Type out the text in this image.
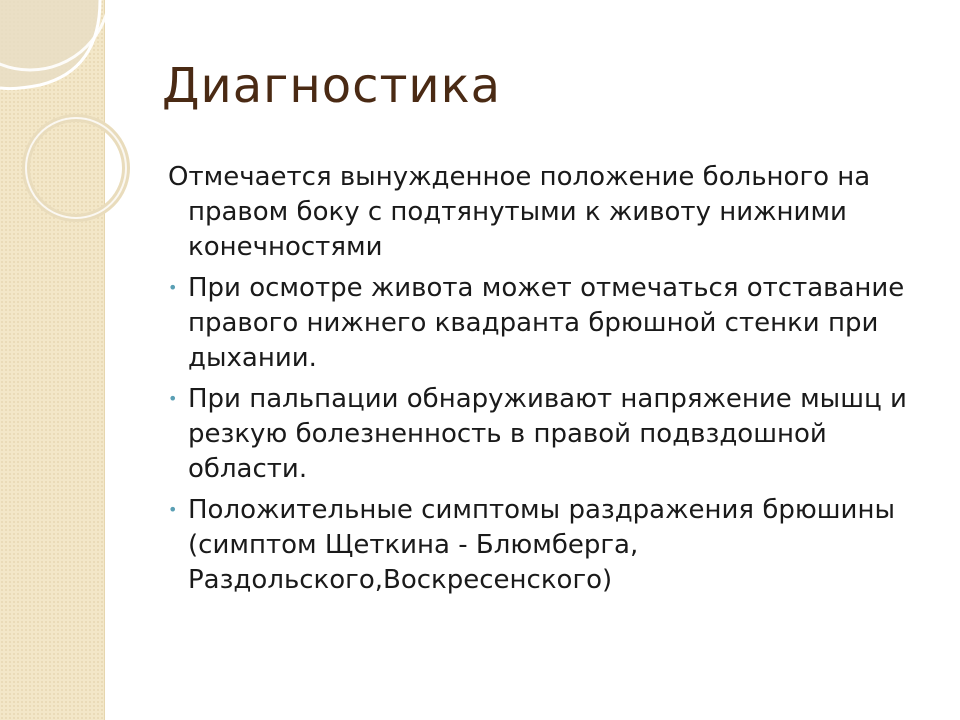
Диагностика

Отмечается вынужденное положение больного на правом боку с подтянутыми к животу нижними конечностями

• При осмотре живота может отмечаться отставание правого нижнего квадранта брюшной стенки при дыхании.
• При пальпации обнаруживают напряжение мышц и резкую болезненность в правой подвздошной области.
• Положительные симптомы раздражения брюшины (симптом Щеткина - Блюмберга, Раздольского,Воскресенского)
